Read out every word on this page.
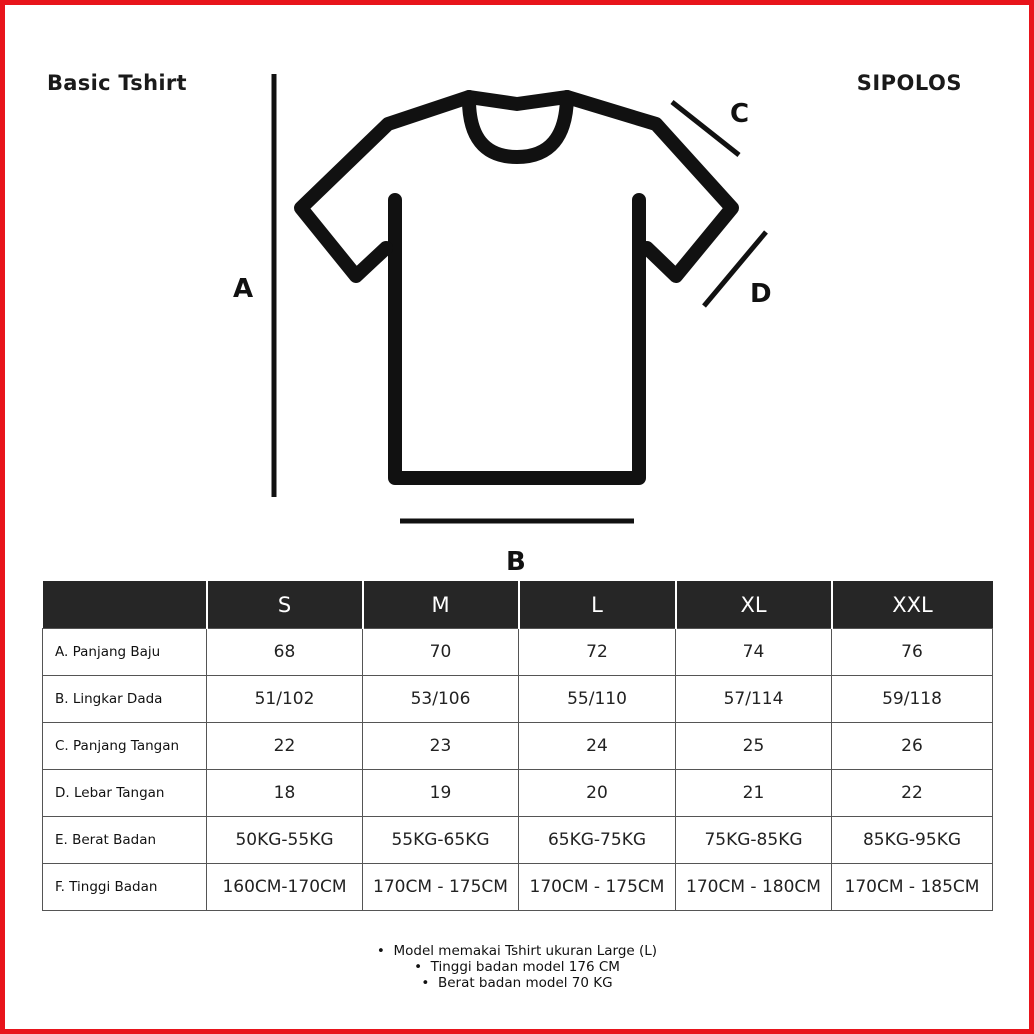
Basic Tshirt	SIPOLOS
A
B
C
D
	S	M	L	XL	XXL
A. Panjang Baju	68	70	72	74	76
B. Lingkar Dada	51/102	53/106	55/110	57/114	59/118
C. Panjang Tangan	22	23	24	25	26
D. Lebar Tangan	18	19	20	21	22
E. Berat Badan	50KG-55KG	55KG-65KG	65KG-75KG	75KG-85KG	85KG-95KG
F. Tinggi Badan	160CM-170CM	170CM - 175CM	170CM - 175CM	170CM - 180CM	170CM - 185CM
•  Model memakai Tshirt ukuran Large (L)
•  Tinggi badan model 176 CM
•  Berat badan model 70 KG
